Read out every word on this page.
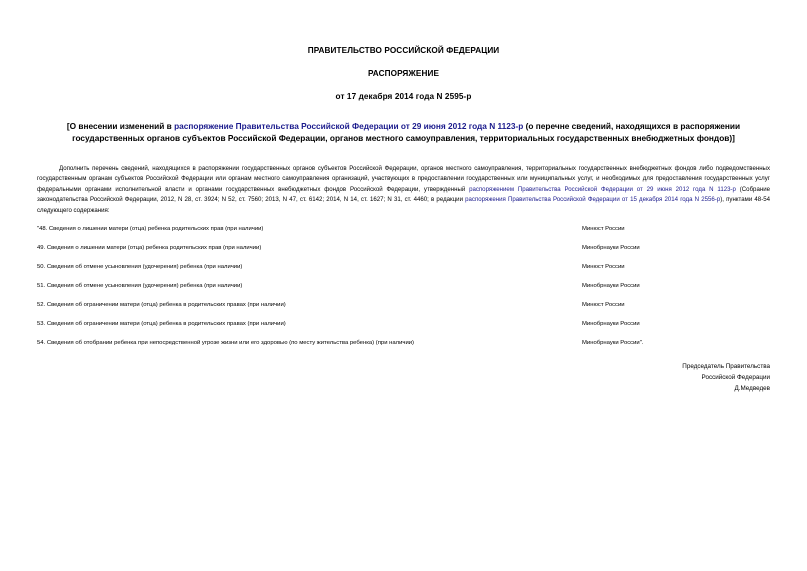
ПРАВИТЕЛЬСТВО РОССИЙСКОЙ ФЕДЕРАЦИИ
РАСПОРЯЖЕНИЕ
от 17 декабря 2014 года N 2595-р
[О внесении изменений в распоряжение Правительства Российской Федерации от 29 июня 2012 года N 1123-р (о перечне сведений, находящихся в распоряжении государственных органов субъектов Российской Федерации, органов местного самоуправления, территориальных государственных внебюджетных фондов)]
Дополнить перечень сведений, находящихся в распоряжении государственных органов субъектов Российской Федерации, органов местного самоуправления, территориальных государственных внебюджетных фондов либо подведомственных государственным органам субъектов Российской Федерации или органам местного самоуправления организаций, участвующих в предоставлении государственных или муниципальных услуг, и необходимых для предоставления государственных услуг федеральными органами исполнительной власти и органами государственных внебюджетных фондов Российской Федерации, утвержденный распоряжением Правительства Российской Федерации от 29 июня 2012 года N 1123-р (Собрание законодательства Российской Федерации, 2012, N 28, ст. 3924; N 52, ст. 7560; 2013, N 47, ст. 6142; 2014, N 14, ст. 1627; N 31, ст. 4460; в редакции распоряжения Правительства Российской Федерации от 15 декабря 2014 года N 2556-р), пунктами 48-54 следующего содержания:
"48. Сведения о лишении матери (отца) ребенка родительских прав (при наличии)	Минюст России
49. Сведения о лишении матери (отца) ребенка родительских прав (при наличии)	Минобрнауки России
50. Сведения об отмене усыновления (удочерения) ребенка (при наличии)	Минюст России
51. Сведения об отмене усыновления (удочерения) ребенка (при наличии)	Минобрнауки России
52. Сведения об ограничении матери (отца) ребенка в родительских правах (при наличии)	Минюст России
53. Сведения об ограничении матери (отца) ребенка в родительских правах (при наличии)	Минобрнауки России
54. Сведения об отобрании ребенка при непосредственной угрозе жизни или его здоровью (по месту жительства ребенка) (при наличии)	Минобрнауки России".
Председатель Правительства
Российской Федерации
Д.Медведев
